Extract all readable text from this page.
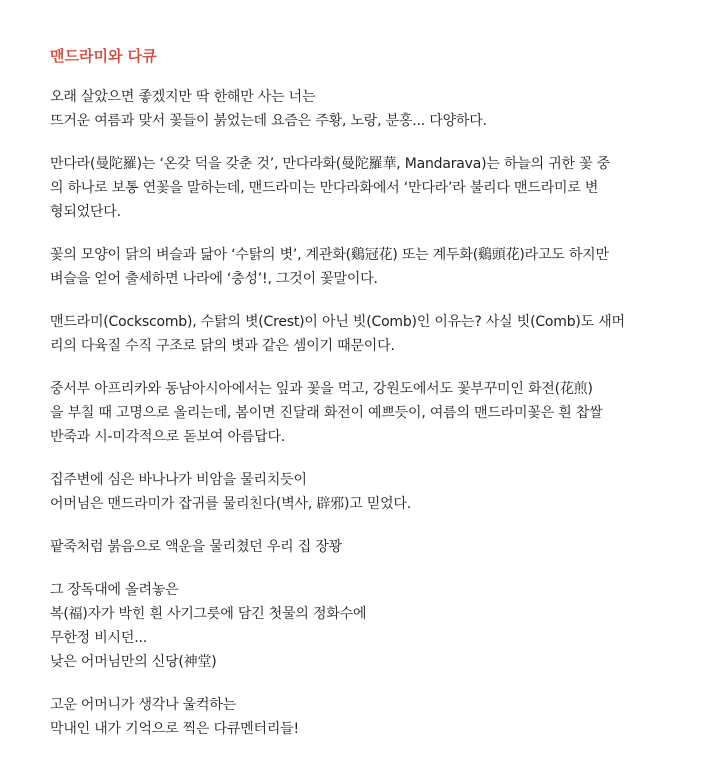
맨드라미와 다큐
오래 살았으면 좋겠지만 딱 한해만 사는 너는
뜨거운 여름과 맞서 꽃들이 붉었는데 요즘은 주황, 노랑, 분홍... 다양하다.
만다라(曼陀羅)는 ‘온갖 덕을 갖춘 것’, 만다라화(曼陀羅華, Mandarava)는 하늘의 귀한 꽃 중
의 하나로 보통 연꽃을 말하는데, 맨드라미는 만다라화에서 ‘만다라’라 불리다 맨드라미로 변
형되었단다.
꽃의 모양이 닭의 벼슬과 닮아 ‘수탉의 볏’, 계관화(鷄冠花) 또는 계두화(鷄頭花)라고도 하지만
벼슬을 얻어 출세하면 나라에 ‘충성’!, 그것이 꽃말이다.
맨드라미(Cockscomb), 수탉의 볏(Crest)이 아닌 빗(Comb)인 이유는? 사실 빗(Comb)도 새머
리의 다육질 수직 구조로 닭의 볏과 같은 셈이기 때문이다.
중서부 아프리카와 동남아시아에서는 잎과 꽃을 먹고, 강원도에서도 꽃부꾸미인 화전(花煎)
을 부칠 때 고명으로 올리는데, 봄이면 진달래 화전이 예쁘듯이, 여름의 맨드라미꽃은 흰 찹쌀
반죽과 시-미각적으로 돋보여 아름답다.
집주변에 심은 바나나가 비암을 물리치듯이
어머님은 맨드라미가 잡귀를 물리친다(벽사, 辟邪)고 믿었다.
팥죽처럼 붉음으로 액운을 물리쳤던 우리 집 장꽝
그 장독대에 올려놓은
복(福)자가 박힌 흰 사기그릇에 담긴 첫물의 정화수에
무한정 비시던...
낮은 어머님만의 신당(神堂)
고운 어머니가 생각나 울컥하는
막내인 내가 기억으로 찍은 다큐멘터리들!
